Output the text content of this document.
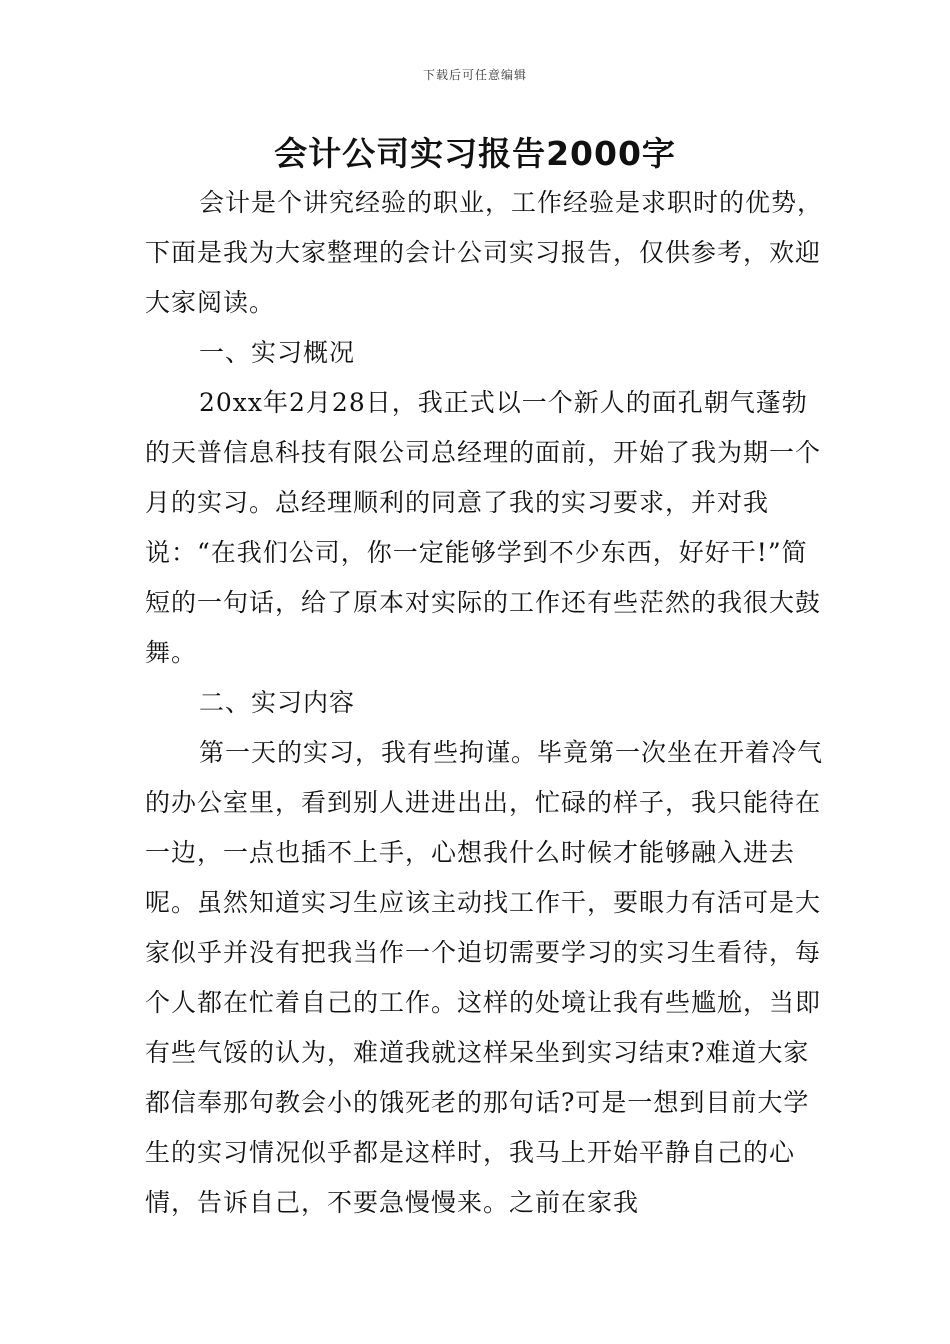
下载后可任意编辑
会计公司实习报告2000字

会计是个讲究经验的职业，工作经验是求职时的优势，下面是我为大家整理的会计公司实习报告，仅供参考，欢迎大家阅读。

一、实习概况

20xx年2月28日，我正式以一个新人的面孔朝气蓬勃的天普信息科技有限公司总经理的面前，开始了我为期一个月的实习。总经理顺利的同意了我的实习要求，并对我说：“在我们公司，你一定能够学到不少东西，好好干!”简短的一句话，给了原本对实际的工作还有些茫然的我很大鼓舞。

二、实习内容

第一天的实习，我有些拘谨。毕竟第一次坐在开着冷气的办公室里，看到别人进进出出，忙碌的样子，我只能待在一边，一点也插不上手，心想我什么时候才能够融入进去呢。虽然知道实习生应该主动找工作干，要眼力有活可是大家似乎并没有把我当作一个迫切需要学习的实习生看待，每个人都在忙着自己的工作。这样的处境让我有些尴尬，当即有些气馁的认为，难道我就这样呆坐到实习结束?难道大家都信奉那句教会小的饿死老的那句话?可是一想到目前大学生的实习情况似乎都是这样时，我马上开始平静自己的心情，告诉自己，不要急慢慢来。之前在家我
